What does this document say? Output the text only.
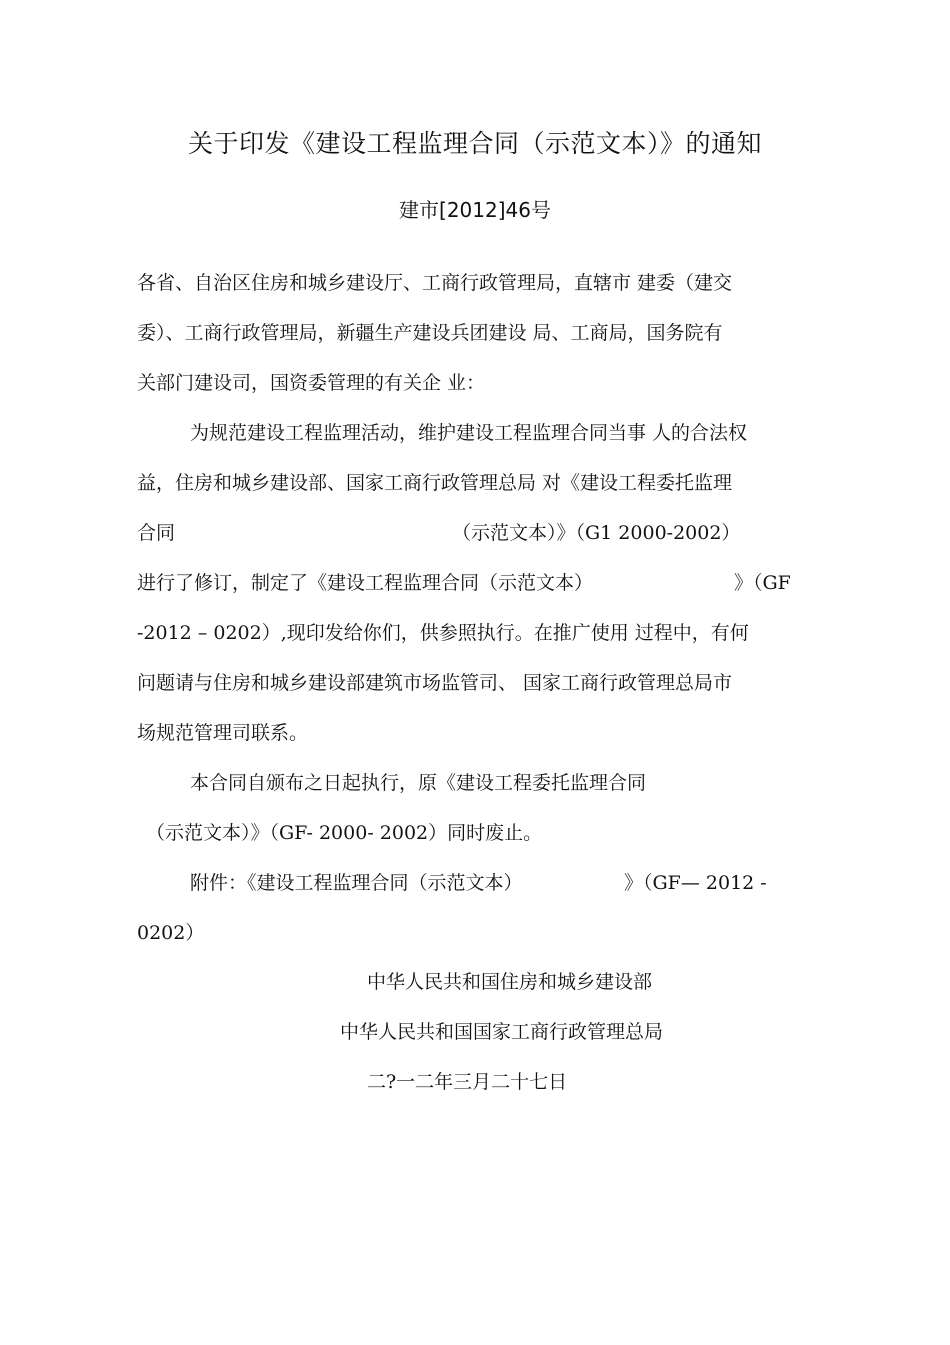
关于印发《建设工程监理合同（示范文本）》的通知
建市[2012]46号
各省、自治区住房和城乡建设厅、工商行政管理局，直辖市 建委（建交
委）、工商行政管理局，新疆生产建设兵团建设 局、工商局，国务院有
关部门建设司，国资委管理的有关企 业：
为规范建设工程监理活动，维护建设工程监理合同当事 人的合法权
益，住房和城乡建设部、国家工商行政管理总局 对《建设工程委托监理
合同	（示范文本）》（G1 2000-2002）
进行了修订，制定了《建设工程监理合同（示范文本）	》（GF
-2012 – 0202）,现印发给你们，供参照执行。在推广使用 过程中，有何
问题请与住房和城乡建设部建筑市场监管司、 国家工商行政管理总局市
场规范管理司联系。
本合同自颁布之日起执行，原《建设工程委托监理合同
（示范文本）》（GF- 2000- 2002）同时废止。
附件：《建设工程监理合同（示范文本）	》（GF— 2012 -
0202）
中华人民共和国住房和城乡建设部
中华人民共和国国家工商行政管理总局
二?一二年三月二十七日
